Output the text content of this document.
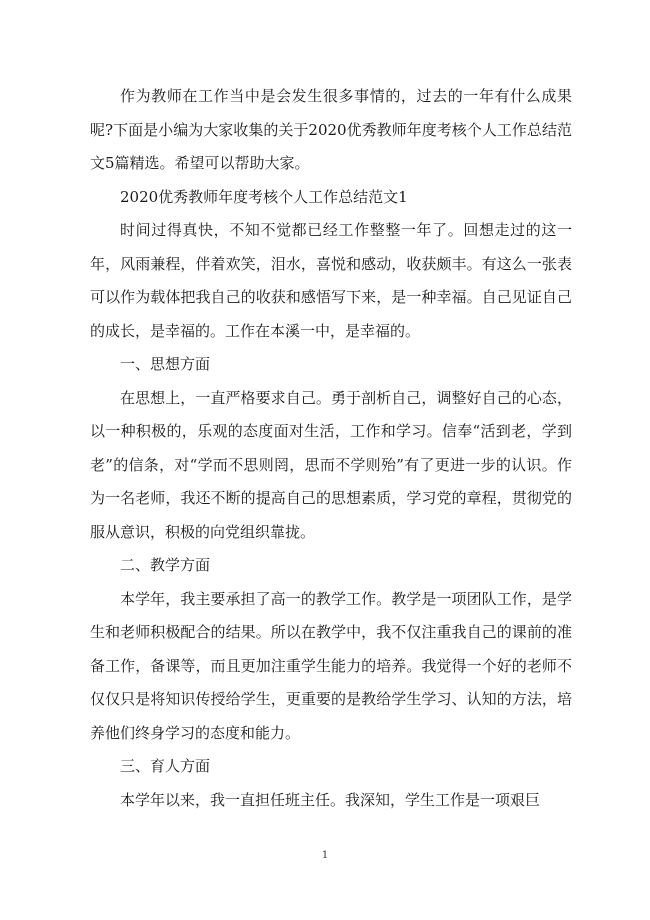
作为教师在工作当中是会发生很多事情的，过去的一年有什么成果呢?下面是小编为大家收集的关于2020优秀教师年度考核个人工作总结范文5篇精选。希望可以帮助大家。

2020优秀教师年度考核个人工作总结范文1

时间过得真快，不知不觉都已经工作整整一年了。回想走过的这一年，风雨兼程，伴着欢笑，泪水，喜悦和感动，收获颇丰。有这么一张表可以作为载体把我自己的收获和感悟写下来，是一种幸福。自己见证自己的成长，是幸福的。工作在本溪一中，是幸福的。

一、思想方面

在思想上，一直严格要求自己。勇于剖析自己，调整好自己的心态，以一种积极的，乐观的态度面对生活，工作和学习。信奉“活到老，学到老”的信条，对“学而不思则罔，思而不学则殆”有了更进一步的认识。作为一名老师，我还不断的提高自己的思想素质，学习党的章程，贯彻党的服从意识，积极的向党组织靠拢。

二、教学方面

本学年，我主要承担了高一的教学工作。教学是一项团队工作，是学生和老师积极配合的结果。所以在教学中，我不仅注重我自己的课前的准备工作，备课等，而且更加注重学生能力的培养。我觉得一个好的老师不仅仅只是将知识传授给学生，更重要的是教给学生学习、认知的方法，培养他们终身学习的态度和能力。

三、育人方面

本学年以来，我一直担任班主任。我深知，学生工作是一项艰巨

1
